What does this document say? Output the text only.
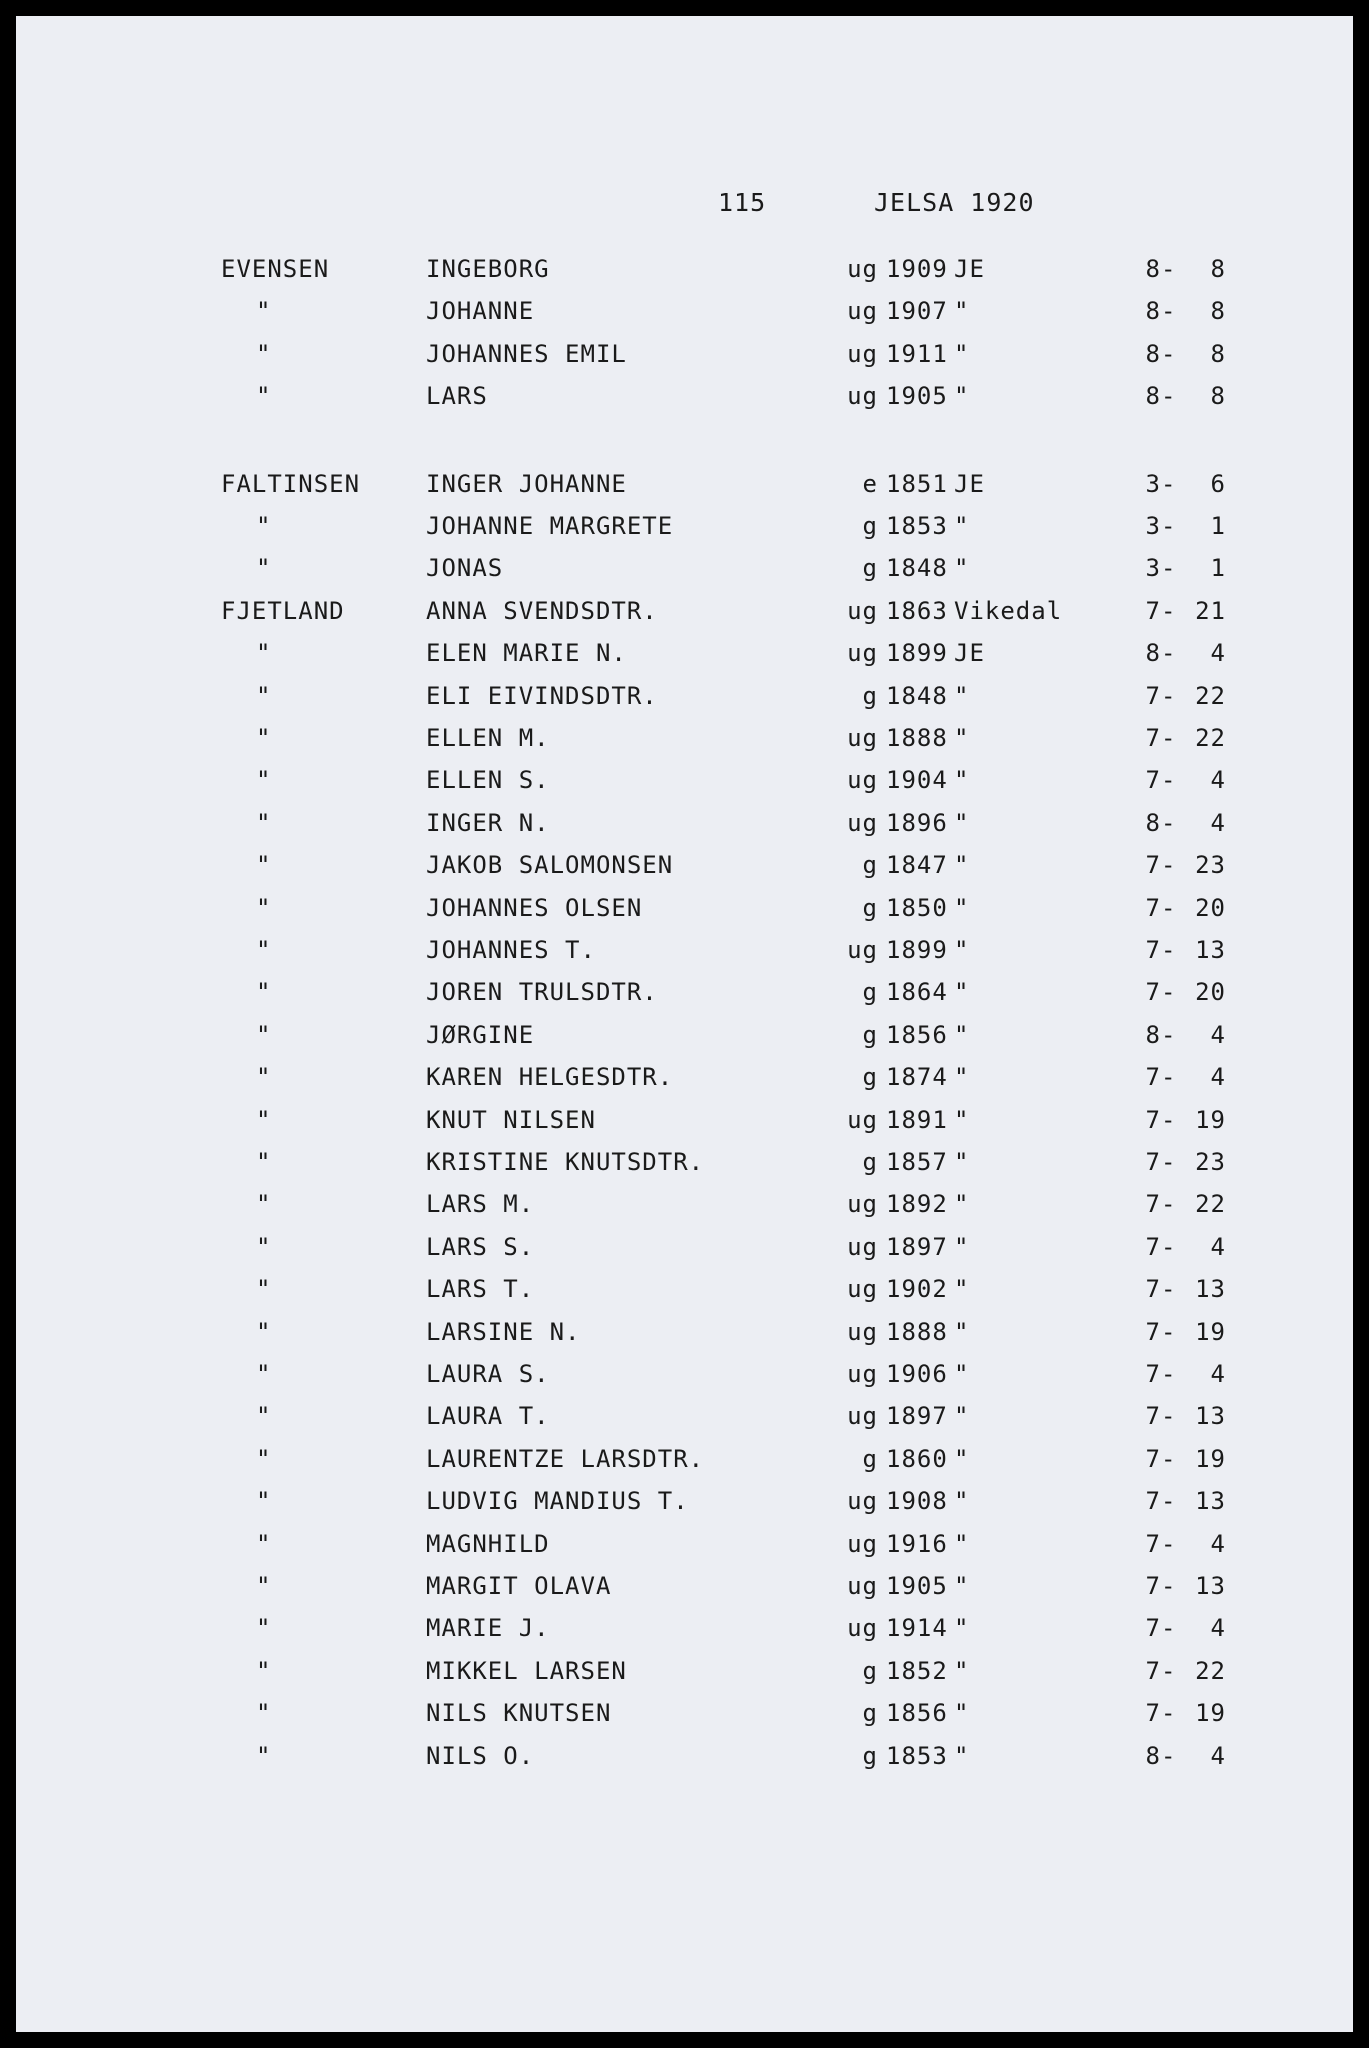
115	JELSA 1920
EVENSEN	INGEBORG	ug 1909 JE	8	8
-
"	JOHANNE	ug 1907 "	8	8
-
"	JOHANNES EMIL	ug 1911 "	8	8
-
"	LARS	ug 1905 "	8	8
-
FALTINSEN	INGER JOHANNE	e 1851 JE	3	6
-
"	JOHANNE MARGRETE	g 1853 "	3	1
-
"	JONAS	g 1848 "	3	1
-
FJETLAND	ANNA SVENDSDTR.	ug 1863 Vikedal	7	21
-
"	ELEN MARIE N.	ug 1899 JE	8	4
-
"	ELI EIVINDSDTR.	g 1848 "	7	22
-
"	ELLEN M.	ug 1888 "	7	22
-
"	ELLEN S.	ug 1904 "	7	4
-
"	INGER N.	ug 1896 "	8	4
-
"	JAKOB SALOMONSEN	g 1847 "	7	23
-
"	JOHANNES OLSEN	g 1850 "	7	20
-
"	JOHANNES T.	ug 1899 "	7	13
-
"	JOREN TRULSDTR.	g 1864 "	7	20
-
"	JØRGINE	g 1856 "	8	4
-
"	KAREN HELGESDTR.	g 1874 "	7	4
-
"	KNUT NILSEN	ug 1891 "	7	19
-
"	KRISTINE KNUTSDTR.	g 1857 "	7	23
-
"	LARS M.	ug 1892 "	7	22
-
"	LARS S.	ug 1897 "	7	4
-
"	LARS T.	ug 1902 "	7	13
-
"	LARSINE N.	ug 1888 "	7	19
-
"	LAURA S.	ug 1906 "	7	4
-
"	LAURA T.	ug 1897 "	7	13
-
"	LAURENTZE LARSDTR.	g 1860 "	7	19
-
"	LUDVIG MANDIUS T.	ug 1908 "	7	13
-
"	MAGNHILD	ug 1916 "	7	4
-
"	MARGIT OLAVA	ug 1905 "	7	13
-
"	MARIE J.	ug 1914 "	7	4
-
"	MIKKEL LARSEN	g 1852 "	7	22
-
"	NILS KNUTSEN	g 1856 "	7	19
-
"	NILS O.	g 1853 "	8	4
-
